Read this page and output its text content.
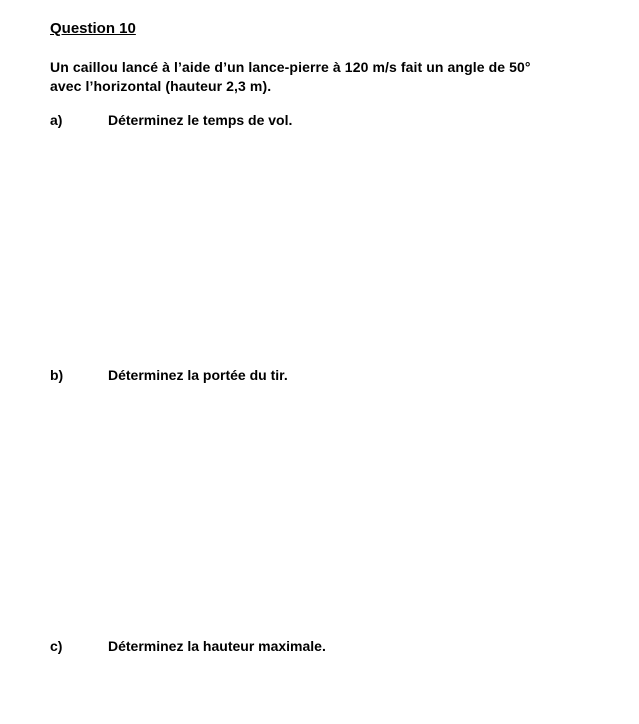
Question 10
Un caillou lancé à l’aide d’un lance-pierre à 120 m/s fait un angle de 50°
avec l’horizontal (hauteur 2,3 m).
a)	Déterminez le temps de vol.
b)	Déterminez la portée du tir.
c)	Déterminez la hauteur maximale.
